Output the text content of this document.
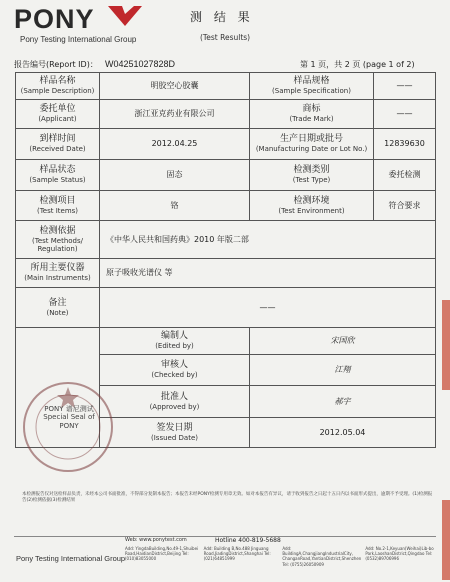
PONY
Pony Testing International Group
测 结 果
(Test Results)
报告编号(Report ID)： W04251027828D	第 1 页，共 2 页 (page 1 of 2)
样品名称
(Sample Description)	明胶空心胶囊	样品规格
(Sample Specification)	——

委托单位
(Applicant)	浙江亚克药业有限公司	商标
(Trade Mark)	——

到样时间
(Received Date)	2012.04.25	生产日期或批号
(Manufacturing Date or Lot No.)	12839630

样品状态
(Sample Status)	固态	检测类别
(Test Type)	委托检测

检测项目
(Test Items)	铬	检测环境
(Test Environment)	符合要求

检测依据
(Test Methods/
Regulation)	《中华人民共和国药典》2010 年版二部		

所用主要仪器
(Main Instruments)	原子吸收光谱仪 等		

备注
(Note)	——		

	编制人
(Edited by)	宋国欣	

	审核人
(Checked by)	江翔	

	批准人
(Approved by)	郝宇	

	签发日期
(Issued Date)	2012.05.04	
PONY 谱尼测试
Special Seal of
PONY
本检测报告仅对送检样品负责，未经本公司书面批准，不得部分复制本报告；本报告未经PONY检测专用章无效。如对本报告有异议，请于收到报告之日起十五日内以书面形式提出，逾期不予受理。(1)检测报告(2)检测依据(3)检测结果
Web: www.ponytest.com	Hotline 400-819-5688
Add: YingdaBuilding,No.49-1,Shuibei Road,HaidianDistrict,Beijing Tel: (010)83055000
Add: Building B,No.488 Jinguang Road,JiadingDistrict,Shanghai Tel: (021)64851999
Add: BuildingA,ChangjiangIndustrialCity, ChanganRoad,YantianDistrict,Shenzhen Tel: (0755)26050909
Add: No.2-1,Keyuan(Weihai)Lib-bo Park,LaoshanDistrict,Qingdao Tel: (0532)89706996
Pony Testing International Group
